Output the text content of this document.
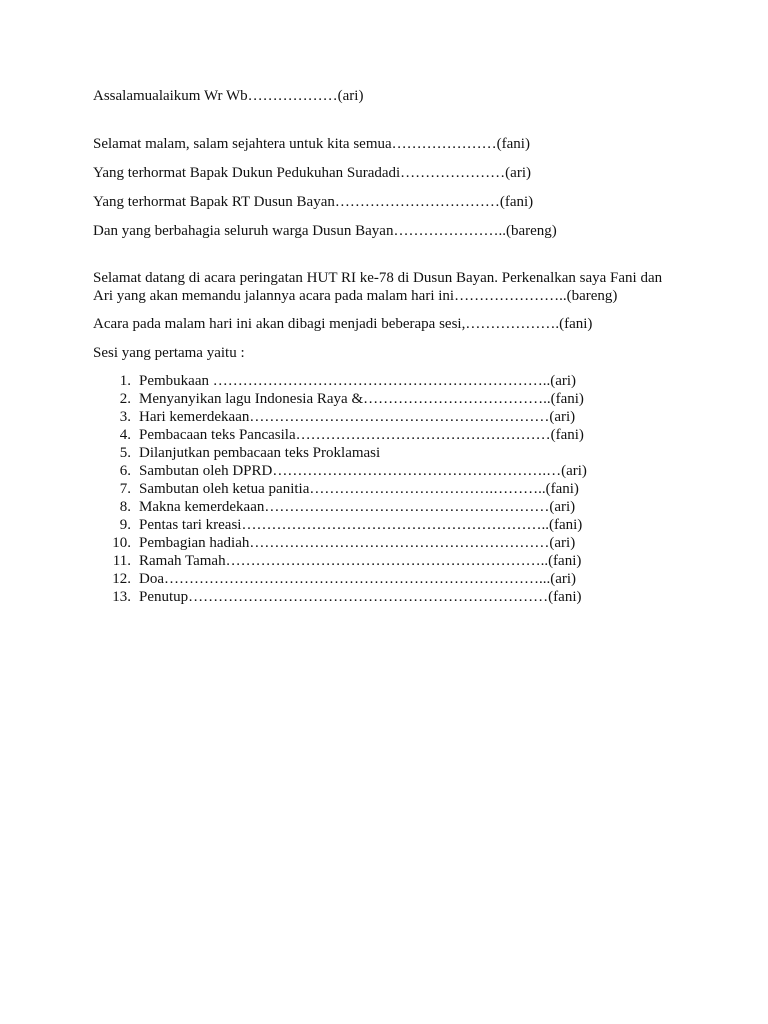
Assalamualaikum Wr Wb………………(ari)
Selamat malam, salam sejahtera untuk kita semua…………………(fani)
Yang terhormat Bapak Dukun Pedukuhan Suradadi…………………(ari)
Yang terhormat Bapak RT Dusun Bayan……………………………(fani)
Dan yang berbahagia seluruh warga Dusun Bayan…………………..(bareng)
Selamat datang di acara peringatan HUT RI ke-78 di Dusun Bayan. Perkenalkan saya Fani dan Ari yang akan memandu jalannya acara pada malam hari ini…………………..(bareng)
Acara pada malam hari ini akan dibagi menjadi beberapa sesi,……………….(fani)
Sesi yang pertama yaitu :
1. Pembukaan …………………………………………………………..(ari)
2. Menyanyikan lagu Indonesia Raya &………………………………..(fani)
3. Hari kemerdekaan……………………………………………………(ari)
4. Pembacaan teks Pancasila……………………………………………(fani)
5. Dilanjutkan pembacaan teks Proklamasi
6. Sambutan oleh DPRD……………………………………………….…(ari)
7. Sambutan oleh ketua panitia……………………………….………..(fani)
8. Makna kemerdekaan…………………………………………………(ari)
9. Pentas tari kreasi……………………………………………………..(fani)
10. Pembagian hadiah……………………………………………………(ari)
11. Ramah Tamah………………………………………………………..(fani)
12. Doa…………………………………………………………………...(ari)
13. Penutup………………………………………………………………(fani)
